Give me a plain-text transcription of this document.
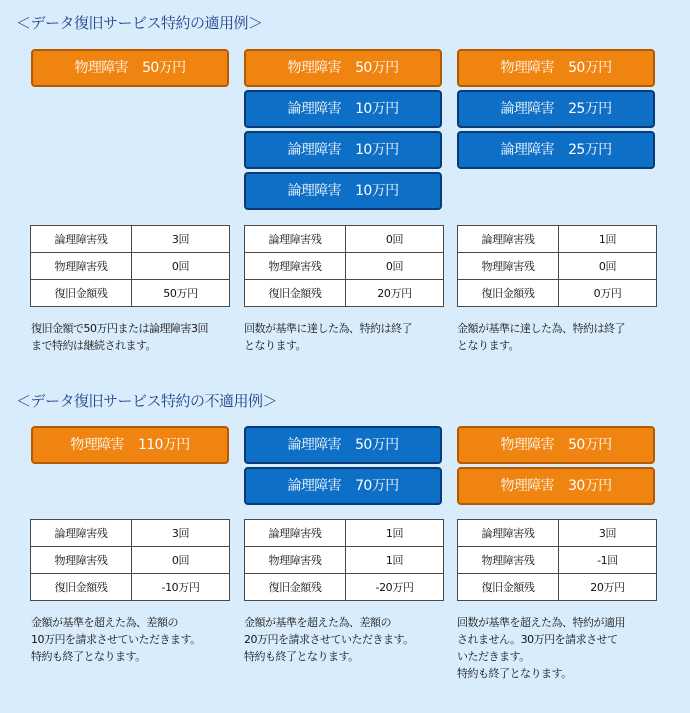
＜データ復旧サービス特約の適用例＞
物理障害 50万円	物理障害 50万円
論理障害 10万円
論理障害 10万円
論理障害 10万円
物理障害 50万円
論理障害 25万円
論理障害 25万円
論理障害残	3回
物理障害残	0回
復旧金額残	50万円
論理障害残	0回
物理障害残	0回
復旧金額残	20万円
論理障害残	1回
物理障害残	0回
復旧金額残	0万円
復旧金額で50万円または論理障害3回
まで特約は継続されます。
回数が基準に達した為、特約は終了
となります。
金額が基準に達した為、特約は終了
となります。
＜データ復旧サービス特約の不適用例＞
物理障害 110万円	論理障害 50万円
論理障害 70万円
物理障害 50万円
物理障害 30万円
論理障害残	3回
物理障害残	0回
復旧金額残	-10万円
論理障害残	1回
物理障害残	1回
復旧金額残	-20万円
論理障害残	3回
物理障害残	-1回
復旧金額残	20万円
金額が基準を超えた為、差額の
10万円を請求させていただきます。
特約も終了となります。
金額が基準を超えた為、差額の
20万円を請求させていただきます。
特約も終了となります。
回数が基準を超えた為、特約が適用
されません。30万円を請求させて
いただきます。
特約も終了となります。
